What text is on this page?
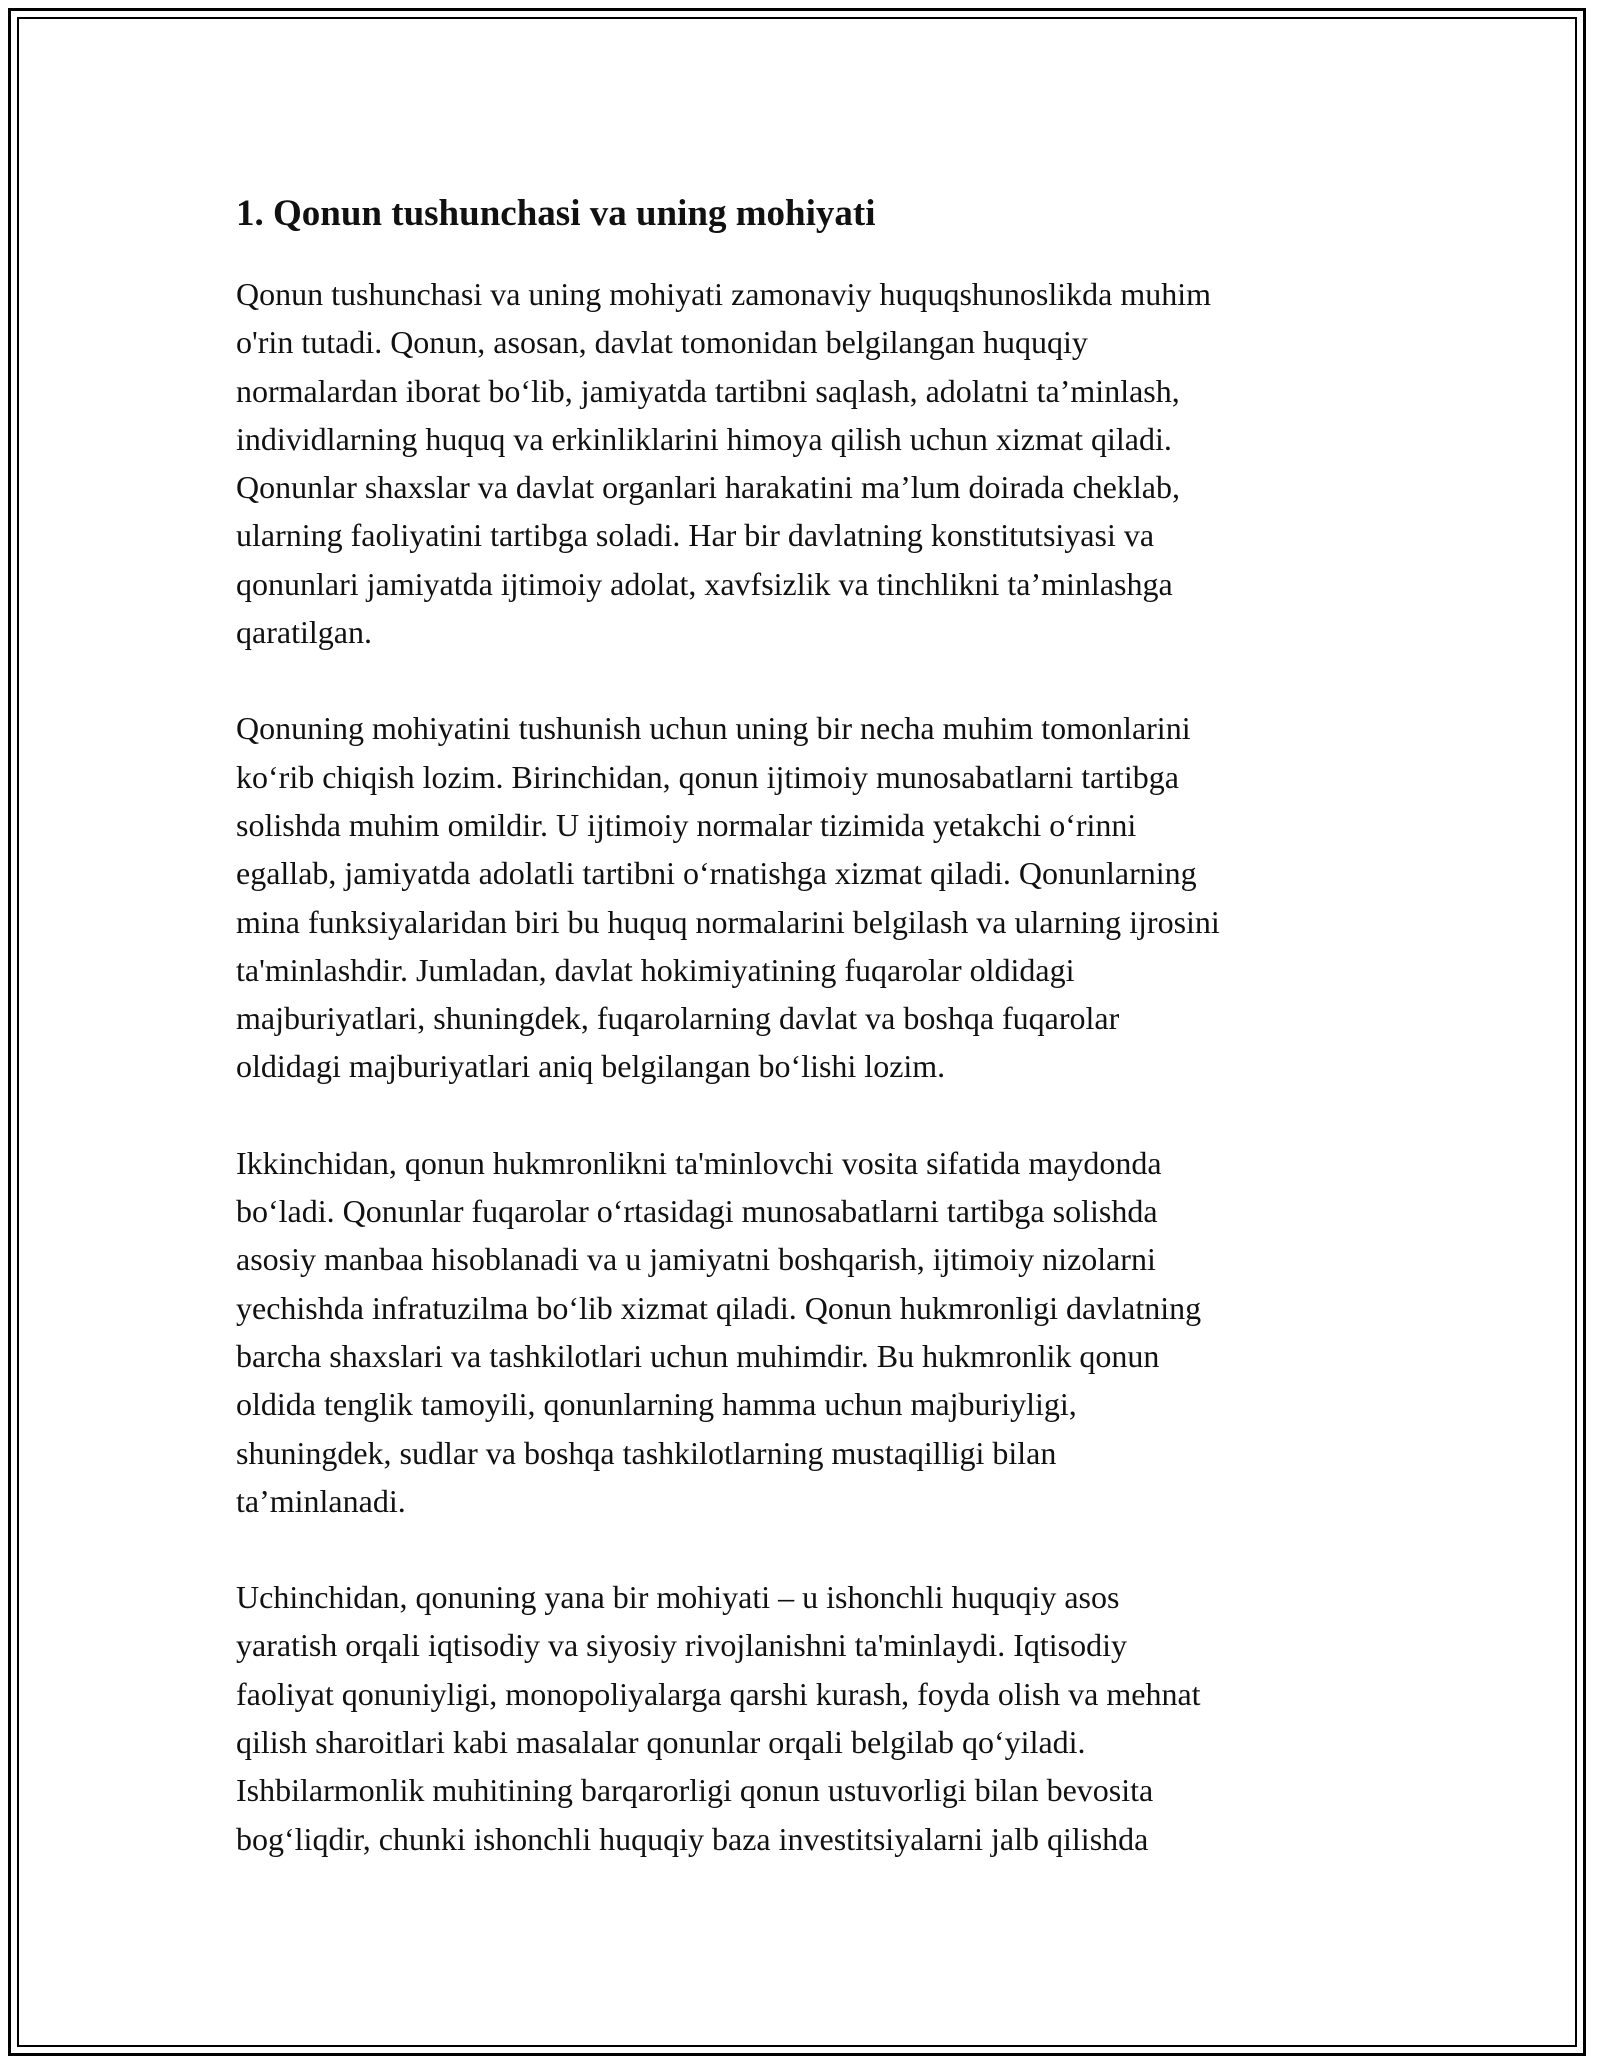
1. Qonun tushunchasi va uning mohiyati

Qonun tushunchasi va uning mohiyati zamonaviy huquqshunoslikda muhim
o'rin tutadi. Qonun, asosan, davlat tomonidan belgilangan huquqiy
normalardan iborat bo‘lib, jamiyatda tartibni saqlash, adolatni ta’minlash,
individlarning huquq va erkinliklarini himoya qilish uchun xizmat qiladi.
Qonunlar shaxslar va davlat organlari harakatini ma’lum doirada cheklab,
ularning faoliyatini tartibga soladi. Har bir davlatning konstitutsiyasi va
qonunlari jamiyatda ijtimoiy adolat, xavfsizlik va tinchlikni ta’minlashga
qaratilgan.

Qonuning mohiyatini tushunish uchun uning bir necha muhim tomonlarini
ko‘rib chiqish lozim. Birinchidan, qonun ijtimoiy munosabatlarni tartibga
solishda muhim omildir. U ijtimoiy normalar tizimida yetakchi o‘rinni
egallab, jamiyatda adolatli tartibni o‘rnatishga xizmat qiladi. Qonunlarning
mina funksiyalaridan biri bu huquq normalarini belgilash va ularning ijrosini
ta'minlashdir. Jumladan, davlat hokimiyatining fuqarolar oldidagi
majburiyatlari, shuningdek, fuqarolarning davlat va boshqa fuqarolar
oldidagi majburiyatlari aniq belgilangan bo‘lishi lozim.

Ikkinchidan, qonun hukmronlikni ta'minlovchi vosita sifatida maydonda
bo‘ladi. Qonunlar fuqarolar o‘rtasidagi munosabatlarni tartibga solishda
asosiy manbaa hisoblanadi va u jamiyatni boshqarish, ijtimoiy nizolarni
yechishda infratuzilma bo‘lib xizmat qiladi. Qonun hukmronligi davlatning
barcha shaxslari va tashkilotlari uchun muhimdir. Bu hukmronlik qonun
oldida tenglik tamoyili, qonunlarning hamma uchun majburiyligi,
shuningdek, sudlar va boshqa tashkilotlarning mustaqilligi bilan
ta’minlanadi.

Uchinchidan, qonuning yana bir mohiyati – u ishonchli huquqiy asos
yaratish orqali iqtisodiy va siyosiy rivojlanishni ta'minlaydi. Iqtisodiy
faoliyat qonuniyligi, monopoliyalarga qarshi kurash, foyda olish va mehnat
qilish sharoitlari kabi masalalar qonunlar orqali belgilab qo‘yiladi.
Ishbilarmonlik muhitining barqarorligi qonun ustuvorligi bilan bevosita
bog‘liqdir, chunki ishonchli huquqiy baza investitsiyalarni jalb qilishda
